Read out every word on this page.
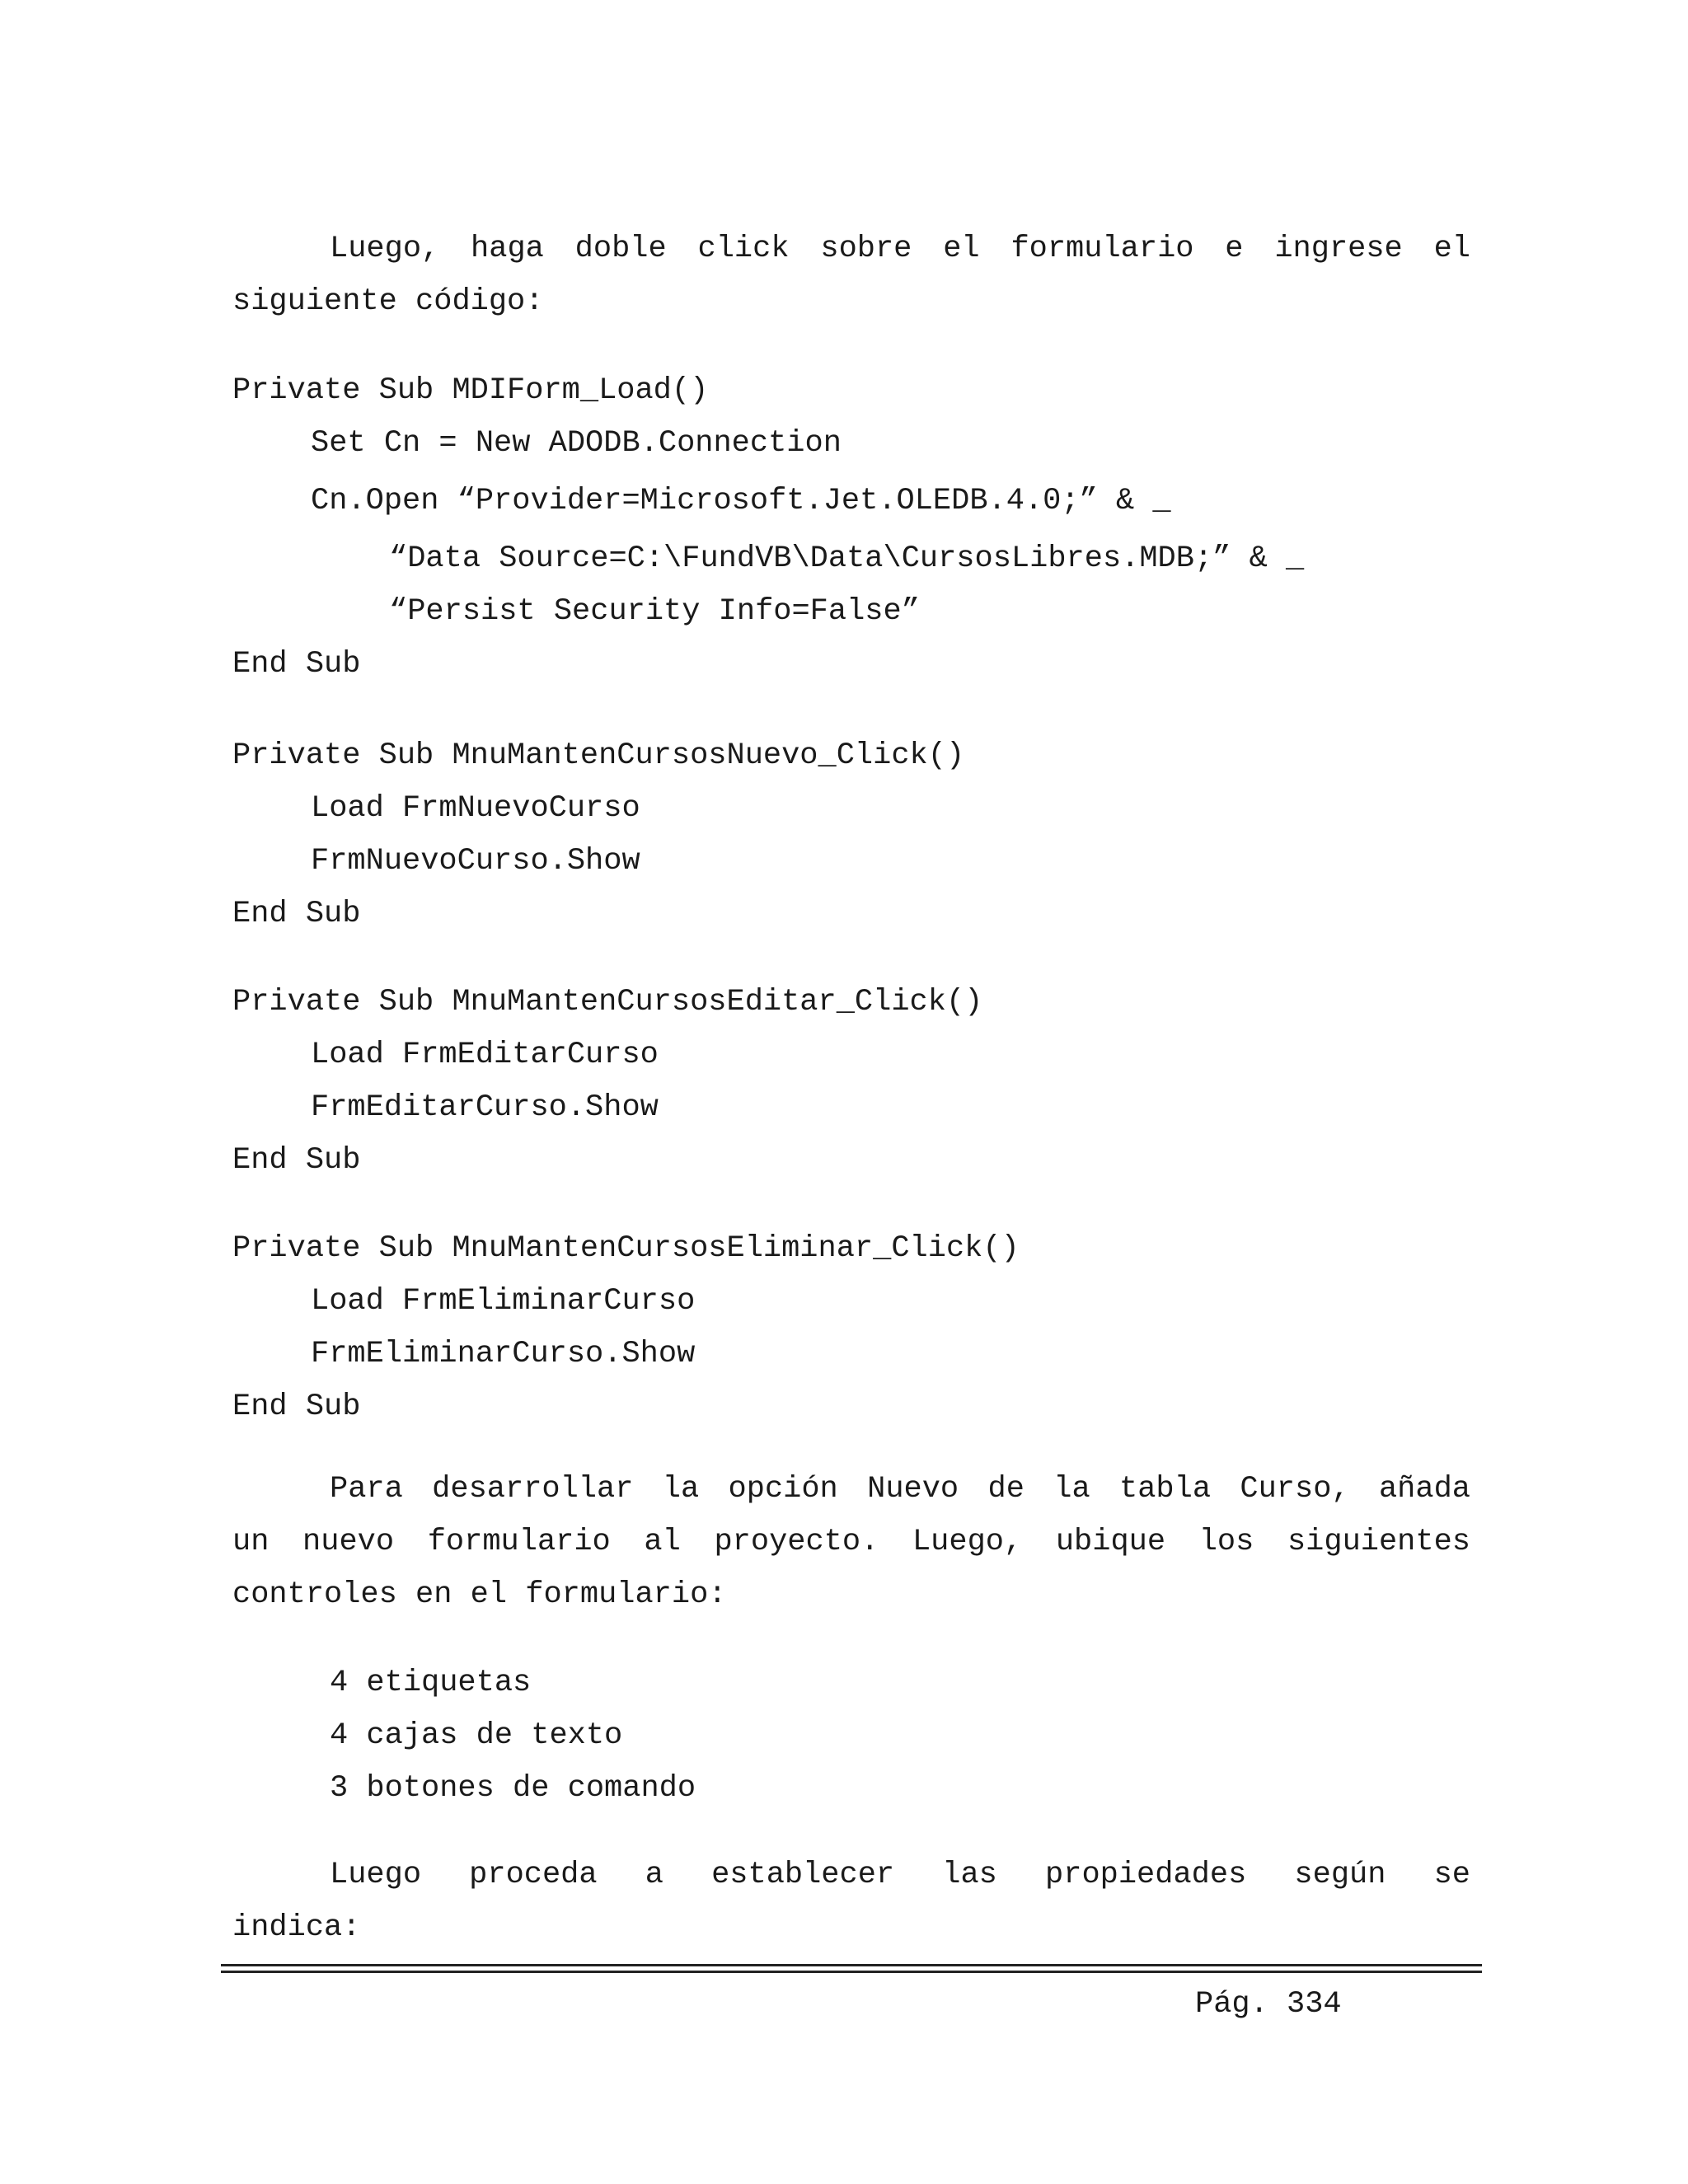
Luego, haga doble click sobre el formulario e ingrese el
siguiente código:
Private Sub MDIForm_Load()
Set Cn = New ADODB.Connection
Cn.Open “Provider=Microsoft.Jet.OLEDB.4.0;” & _
“Data Source=C:\FundVB\Data\CursosLibres.MDB;” & _
“Persist Security Info=False”
End Sub
Private Sub MnuMantenCursosNuevo_Click()
Load FrmNuevoCurso
FrmNuevoCurso.Show
End Sub
Private Sub MnuMantenCursosEditar_Click()
Load FrmEditarCurso
FrmEditarCurso.Show
End Sub
Private Sub MnuMantenCursosEliminar_Click()
Load FrmEliminarCurso
FrmEliminarCurso.Show
End Sub
Para desarrollar la opción Nuevo de la tabla Curso, añada
un nuevo formulario al proyecto. Luego, ubique los siguientes
controles en el formulario:
4 etiquetas
4 cajas de texto
3 botones de comando
Luego proceda a establecer las propiedades según se
indica:
Pág. 334
